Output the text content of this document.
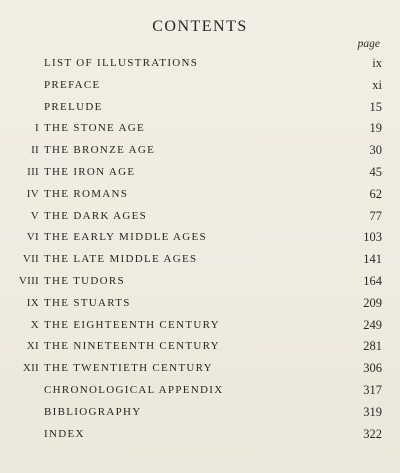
CONTENTS
page
LIST OF ILLUSTRATIONS	ix
PREFACE	xi
PRELUDE	15
I THE STONE AGE	19
II THE BRONZE AGE	30
III THE IRON AGE	45
IV THE ROMANS	62
V THE DARK AGES	77
VI THE EARLY MIDDLE AGES	103
VII THE LATE MIDDLE AGES	141
VIII THE TUDORS	164
IX THE STUARTS	209
X THE EIGHTEENTH CENTURY	249
XI THE NINETEENTH CENTURY	281
XII THE TWENTIETH CENTURY	306
CHRONOLOGICAL APPENDIX	317
BIBLIOGRAPHY	319
INDEX	322
